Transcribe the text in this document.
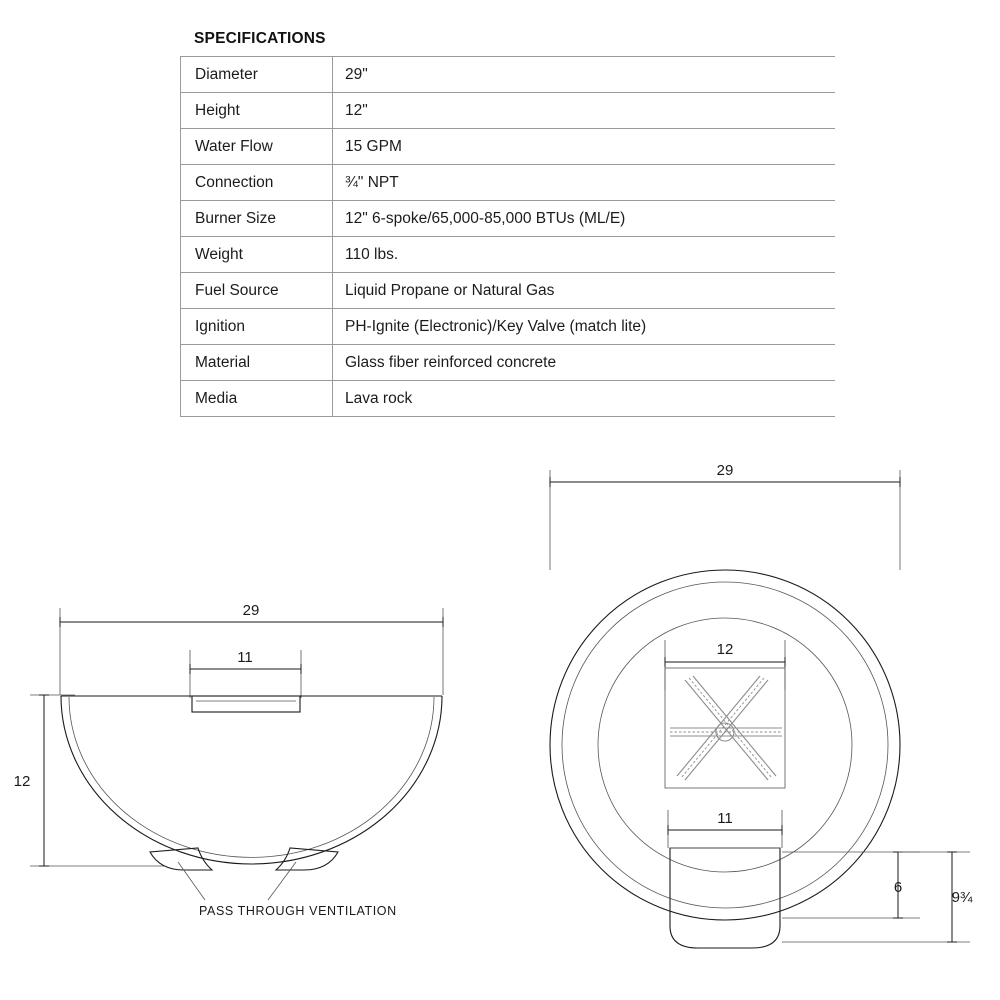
SPECIFICATIONS
Diameter	29"
Height	12"
Water Flow	15 GPM
Connection	¾" NPT
Burner Size	12" 6-spoke/65,000-85,000 BTUs (ML/E)
Weight	110 lbs.
Fuel Source	Liquid Propane or Natural Gas
Ignition	PH-Ignite (Electronic)/Key Valve (match lite)
Material	Glass fiber reinforced concrete
Media	Lava rock
29
11
12
PASS THROUGH VENTILATION
29
12
11
6
9¾
